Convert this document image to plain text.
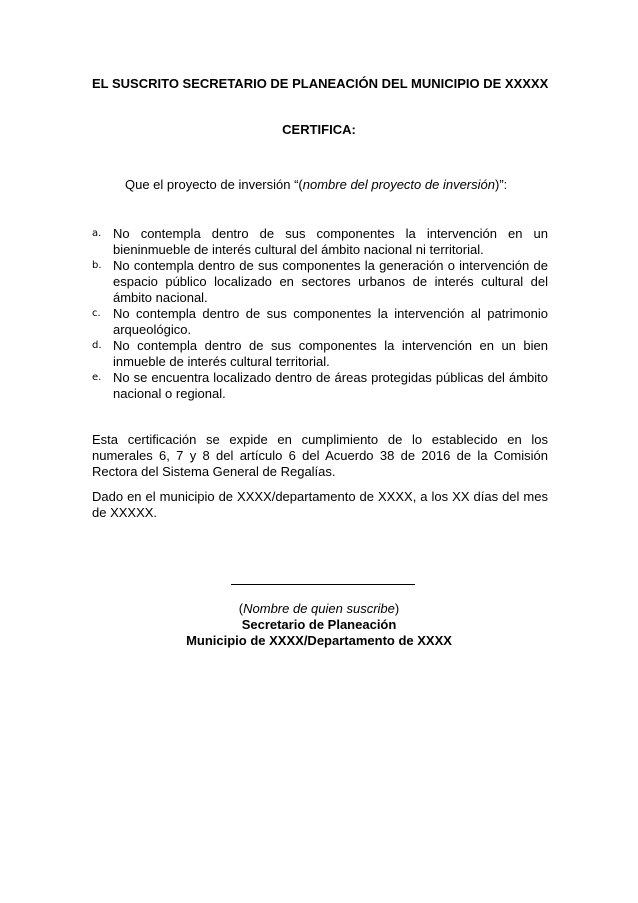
EL SUSCRITO SECRETARIO DE PLANEACIÓN DEL MUNICIPIO DE XXXXX
CERTIFICA:
Que el proyecto de inversión “(nombre del proyecto de inversión)”:
a. No contempla dentro de sus componentes la intervención en un bieninmueble de interés cultural del ámbito nacional ni territorial.
b. No contempla dentro de sus componentes la generación o intervención de espacio público localizado en sectores urbanos de interés cultural del ámbito nacional.
c. No contempla dentro de sus componentes la intervención al patrimonio arqueológico.
d. No contempla dentro de sus componentes la intervención en un bien inmueble de interés cultural territorial.
e. No se encuentra localizado dentro de áreas protegidas públicas del ámbito nacional o regional.

Esta certificación se expide en cumplimiento de lo establecido en los numerales 6, 7 y 8 del artículo 6 del Acuerdo 38 de 2016 de la Comisión Rectora del Sistema General de Regalías.

Dado en el municipio de XXXX/departamento de XXXX, a los XX días del mes de XXXXX.

(Nombre de quien suscribe)
Secretario de Planeación
Municipio de XXXX/Departamento de XXXX
